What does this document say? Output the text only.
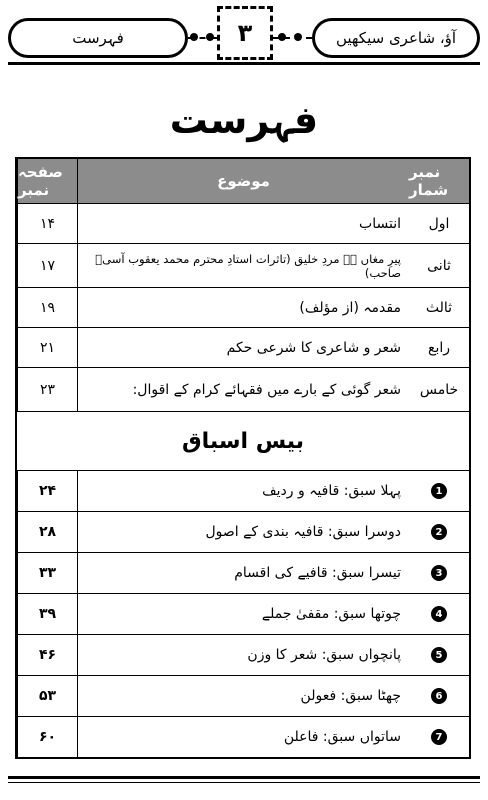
فہرست	٣	آؤ، شاعری سیکھیں
فہرست
نمبر شمار
موضوع
صفحہ نمبر
اول
انتساب
۱۴
ثانی
پیرِ مغاں ہے مردِ خلیق (تاثرات استادِ محترم محمد یعقوب آسیؔ صاحب)
۱۷
ثالث
مقدمہ (از مؤلف)
۱۹
رابع
شعر و شاعری کا شرعی حکم
۲۱
خامس
شعر گوئی کے بارے میں فقہائے کرام کے اقوال:
۲۳
بیس اسباق
1
پہلا سبق: قافیہ و ردیف
۲۴
2
دوسرا سبق: قافیہ بندی کے اصول
۲۸
3
تیسرا سبق: قافیے کی اقسام
۳۳
4
چوتھا سبق: مقفیٰ جملے
۳۹
5
پانچواں سبق: شعر کا وزن
۴۶
6
چھٹا سبق: فعولن
۵۳
7
ساتواں سبق: فاعلن
۶۰
